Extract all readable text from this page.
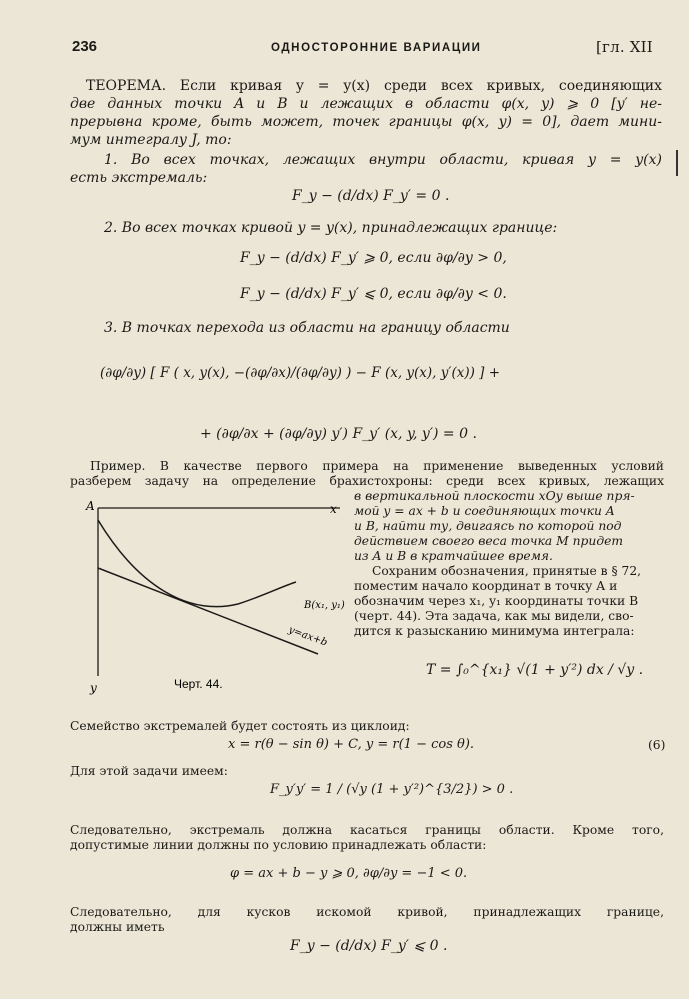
236	ОДНОСТОРОННИЕ ВАРИАЦИИ	[гл. XII
ТЕОРЕМА. Если кривая y = y(x) среди всех кривых, соединяющих
две данных точки A и B и лежащих в области φ(x, y) ⩾ 0 [y′ не-
прерывна кроме, быть может, точек границы φ(x, y) = 0], дает мини-
мум интегралу J, то:
1. Во всех точках, лежащих внутри области, кривая y = y(x)
есть экстремаль:
F_y − (d/dx) F_y′ = 0 .
2. Во всех точках кривой y = y(x), принадлежащих границе:
F_y − (d/dx) F_y′ ⩾ 0, если ∂φ/∂y > 0,
F_y − (d/dx) F_y′ ⩽ 0, если ∂φ/∂y < 0.
3. В точках перехода из области на границу области
(∂φ/∂y) [ F ( x, y(x), −(∂φ/∂x)/(∂φ/∂y) ) − F (x, y(x), y′(x)) ] +
+ (∂φ/∂x + (∂φ/∂y) y′) F_y′ (x, y, y′) = 0 .
Пример. В качестве первого примера на применение выведенных условий
разберем задачу на определение брахистохроны: среди всех кривых, лежащих
в вертикальной плоскости xOy выше пря-
мой y = ax + b и соединяющих точки A
и B, найти ту, двигаясь по которой под
действием своего веса точка M придет
из A и B в кратчайшее время.
Сохраним обозначения, принятые в § 72,
поместим начало координат в точку A и
обозначим через x₁, y₁ координаты точки B
(черт. 44). Эта задача, как мы видели, сво-
дится к разысканию минимума интеграла:
T = ∫₀^{x₁} √(1 + y′²) dx / √y .
A	x
B(x₁, y₁)
y=ax+b
y	Черт. 44.
Семейство экстремалей будет состоять из циклоид:
x = r(θ − sin θ) + C, y = r(1 − cos θ).	(6)
Для этой задачи имеем:
F_y′y′ = 1 / (√y (1 + y′²)^{3/2}) > 0 .
Следовательно, экстремаль должна касаться границы области. Кроме того,
допустимые линии должны по условию принадлежать области:
φ = ax + b − y ⩾ 0, ∂φ/∂y = −1 < 0.
Следовательно, для кусков искомой кривой, принадлежащих границе,
должны иметь
F_y − (d/dx) F_y′ ⩽ 0 .
